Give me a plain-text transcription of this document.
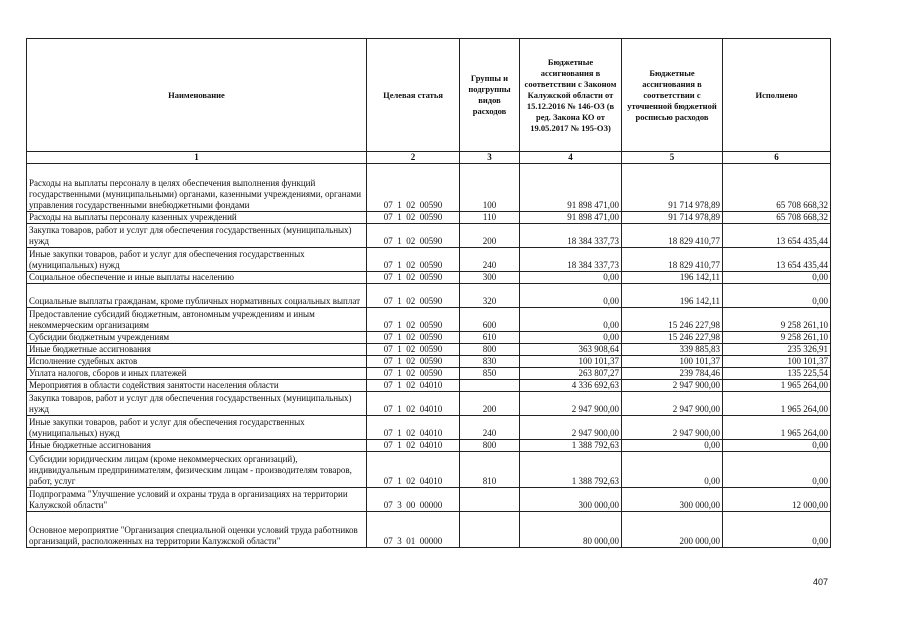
Наименование	Целевая статья	Группы и подгруппы видов расходов	Бюджетные ассигнования в соответствии с Законом Калужской области от 15.12.2016 № 146-ОЗ (в ред. Закона КО от 19.05.2017 № 195-ОЗ)	Бюджетные ассигнования в соответствии с уточненной бюджетной росписью расходов	Исполнено
1	2	3	4	5	6
Расходы на выплаты персоналу в целях обеспечения выполнения функций государственными (муниципальными) органами, казенными учреждениями, органами управления государственными внебюджетными фондами	07  1  02  00590	100	91 898 471,00	91 714 978,89	65 708 668,32
Расходы на выплаты персоналу казенных учреждений	07  1  02  00590	110	91 898 471,00	91 714 978,89	65 708 668,32
Закупка товаров, работ и услуг для обеспечения государственных (муниципальных) нужд	07  1  02  00590	200	18 384 337,73	18 829 410,77	13 654 435,44
Иные закупки товаров, работ и услуг для обеспечения государственных (муниципальных) нужд	07  1  02  00590	240	18 384 337,73	18 829 410,77	13 654 435,44
Социальное обеспечение и иные выплаты населению	07  1  02  00590	300	0,00	196 142,11	0,00
Социальные выплаты гражданам, кроме публичных нормативных социальных выплат	07  1  02  00590	320	0,00	196 142,11	0,00
Предоставление субсидий бюджетным, автономным учреждениям и иным некоммерческим организациям	07  1  02  00590	600	0,00	15 246 227,98	9 258 261,10
Субсидии бюджетным учреждениям	07  1  02  00590	610	0,00	15 246 227,98	9 258 261,10
Иные бюджетные ассигнования	07  1  02  00590	800	363 908,64	339 885,83	235 326,91
Исполнение судебных актов	07  1  02  00590	830	100 101,37	100 101,37	100 101,37
Уплата налогов, сборов и иных платежей	07  1  02  00590	850	263 807,27	239 784,46	135 225,54
Мероприятия в области содействия занятости населения области	07  1  02  04010		4 336 692,63	2 947 900,00	1 965 264,00
Закупка товаров, работ и услуг для обеспечения государственных (муниципальных) нужд	07  1  02  04010	200	2 947 900,00	2 947 900,00	1 965 264,00
Иные закупки товаров, работ и услуг для обеспечения государственных (муниципальных) нужд	07  1  02  04010	240	2 947 900,00	2 947 900,00	1 965 264,00
Иные бюджетные ассигнования	07  1  02  04010	800	1 388 792,63	0,00	0,00
Субсидии юридическим лицам (кроме некоммерческих организаций), индивидуальным предпринимателям, физическим лицам - производителям товаров, работ, услуг	07  1  02  04010	810	1 388 792,63	0,00	0,00
Подпрограмма "Улучшение условий и охраны труда в организациях на территории Калужской области"	07  3  00  00000		300 000,00	300 000,00	12 000,00
Основное мероприятие "Организация специальной оценки условий труда работников организаций, расположенных на территории Калужской области"	07  3  01  00000		80 000,00	200 000,00	0,00
407
